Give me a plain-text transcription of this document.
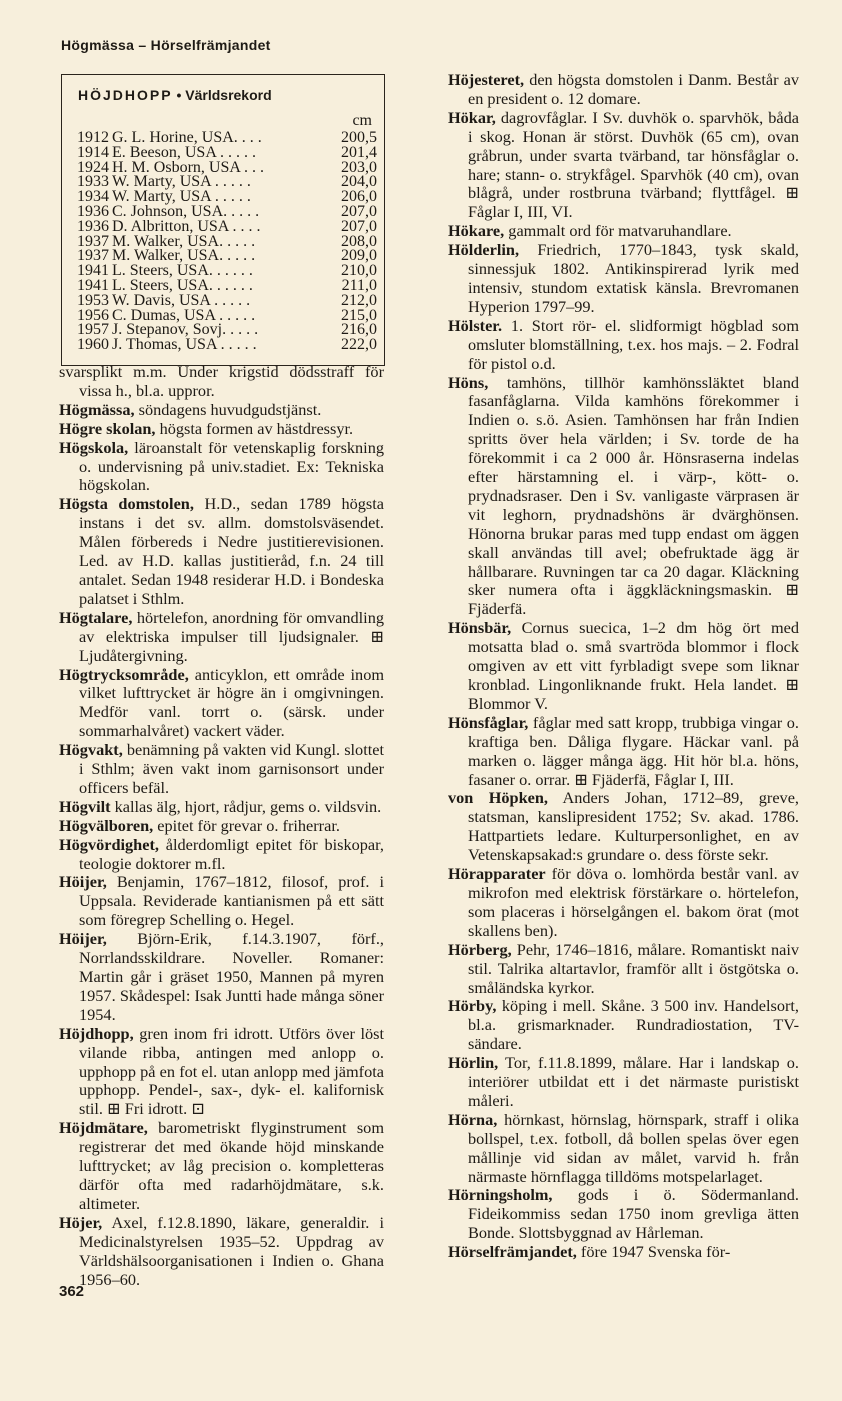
Högmässa – Hörselfrämjandet
HÖJDHOPP • Världsrekord
cm
1912 G. L. Horine, USA. . . .	200,5
1914 E. Beeson, USA . . . . .	201,4
1924 H. M. Osborn, USA . . .	203,0
1933 W. Marty, USA . . . . .	204,0
1934 W. Marty, USA . . . . .	206,0
1936 C. Johnson, USA. . . . .	207,0
1936 D. Albritton, USA . . . .	207,0
1937 M. Walker, USA. . . . .	208,0
1937 M. Walker, USA. . . . .	209,0
1941 L. Steers, USA. . . . . .	210,0
1941 L. Steers, USA. . . . . .	211,0
1953 W. Davis, USA . . . . .	212,0
1956 C. Dumas, USA . . . . .	215,0
1957 J. Stepanov, Sovj. . . . .	216,0
1960 J. Thomas, USA . . . . .	222,0

svarsplikt m.m. Under krigstid dödsstraff för vissa h., bl.a. uppror.

Högmässa, söndagens huvudgudstjänst.

Högre skolan, högsta formen av hästdressyr.

Högskola, läroanstalt för vetenskaplig forskning o. undervisning på univ.stadiet. Ex: Tekniska högskolan.

Högsta domstolen, H.D., sedan 1789 högsta instans i det sv. allm. domstolsväsendet. Målen förbereds i Nedre justitierevisionen. Led. av H.D. kallas justitieråd, f.n. 24 till antalet. Sedan 1948 residerar H.D. i Bondeska palatset i Sthlm.

Högtalare, hörtelefon, anordning för omvandling av elektriska impulser till ljudsignaler. ⊞ Ljudåtergivning.

Högtrycksområde, anticyklon, ett område inom vilket lufttrycket är högre än i omgivningen. Medför vanl. torrt o. (särsk. under sommarhalvåret) vackert väder.

Högvakt, benämning på vakten vid Kungl. slottet i Sthlm; även vakt inom garnisonsort under officers befäl.

Högvilt kallas älg, hjort, rådjur, gems o. vildsvin.

Högvälboren, epitet för grevar o. friherrar.

Högvördighet, ålderdomligt epitet för biskopar, teologie doktorer m.fl.

Höijer, Benjamin, 1767–1812, filosof, prof. i Uppsala. Reviderade kantianismen på ett sätt som föregrep Schelling o. Hegel.

Höijer, Björn-Erik, f.14.3.1907, förf., Norrlandsskildrare. Noveller. Romaner: Martin går i gräset 1950, Mannen på myren 1957. Skådespel: Isak Juntti hade många söner 1954.

Höjdhopp, gren inom fri idrott. Utförs över löst vilande ribba, antingen med anlopp o. upphopp på en fot el. utan anlopp med jämfota upphopp. Pendel-, sax-, dyk- el. kalifornisk stil. ⊞ Fri idrott. ⊡

Höjdmätare, barometriskt flyginstrument som registrerar det med ökande höjd minskande lufttrycket; av låg precision o. kompletteras därför ofta med radarhöjdmätare, s.k. altimeter.

Höjer, Axel, f.12.8.1890, läkare, generaldir. i Medicinalstyrelsen 1935–52. Uppdrag av Världshälsoorganisationen i Indien o. Ghana 1956–60.

Höjesteret, den högsta domstolen i Danm. Består av en president o. 12 domare.

Hökar, dagrovfåglar. I Sv. duvhök o. sparvhök, båda i skog. Honan är störst. Duvhök (65 cm), ovan gråbrun, under svarta tvärband, tar hönsfåglar o. hare; stann- o. strykfågel. Sparvhök (40 cm), ovan blågrå, under rostbruna tvärband; flyttfågel. ⊞ Fåglar I, III, VI.

Hökare, gammalt ord för matvaruhandlare.

Hölderlin, Friedrich, 1770–1843, tysk skald, sinnessjuk 1802. Antikinspirerad lyrik med intensiv, stundom extatisk känsla. Brevromanen Hyperion 1797–99.

Hölster. 1. Stort rör- el. slidformigt högblad som omsluter blomställning, t.ex. hos majs. – 2. Fodral för pistol o.d.

Höns, tamhöns, tillhör kamhönssläktet bland fasanfåglarna. Vilda kamhöns förekommer i Indien o. s.ö. Asien. Tamhönsen har från Indien spritts över hela världen; i Sv. torde de ha förekommit i ca 2 000 år. Hönsraserna indelas efter härstamning el. i värp-, kött- o. prydnadsraser. Den i Sv. vanligaste värprasen är vit leghorn, prydnadshöns är dvärghönsen. Hönorna brukar paras med tupp endast om äggen skall användas till avel; obefruktade ägg är hållbarare. Ruvningen tar ca 20 dagar. Kläckning sker numera ofta i äggkläckningsmaskin. ⊞ Fjäderfä.

Hönsbär, Cornus suecica, 1–2 dm hög ört med motsatta blad o. små svartröda blommor i flock omgiven av ett vitt fyrbladigt svepe som liknar kronblad. Lingonliknande frukt. Hela landet. ⊞ Blommor V.

Hönsfåglar, fåglar med satt kropp, trubbiga vingar o. kraftiga ben. Dåliga flygare. Häckar vanl. på marken o. lägger många ägg. Hit hör bl.a. höns, fasaner o. orrar. ⊞ Fjäderfä, Fåglar I, III.

von Höpken, Anders Johan, 1712–89, greve, statsman, kanslipresident 1752; Sv. akad. 1786. Hattpartiets ledare. Kulturpersonlighet, en av Vetenskapsakad:s grundare o. dess förste sekr.

Hörapparater för döva o. lomhörda består vanl. av mikrofon med elektrisk förstärkare o. hörtelefon, som placeras i hörselgången el. bakom örat (mot skallens ben).

Hörberg, Pehr, 1746–1816, målare. Romantiskt naiv stil. Talrika altartavlor, framför allt i östgötska o. småländska kyrkor.

Hörby, köping i mell. Skåne. 3 500 inv. Handelsort, bl.a. grismarknader. Rundradiostation, TV-sändare.

Hörlin, Tor, f.11.8.1899, målare. Har i landskap o. interiörer utbildat ett i det närmaste puristiskt måleri.

Hörna, hörnkast, hörnslag, hörnspark, straff i olika bollspel, t.ex. fotboll, då bollen spelas över egen mållinje vid sidan av målet, varvid h. från närmaste hörnflagga tilldöms motspelarlaget.

Hörningsholm, gods i ö. Södermanland. Fideikommiss sedan 1750 inom grevliga ätten Bonde. Slottsbyggnad av Hårleman.

Hörselfrämjandet, före 1947 Svenska för-

362
